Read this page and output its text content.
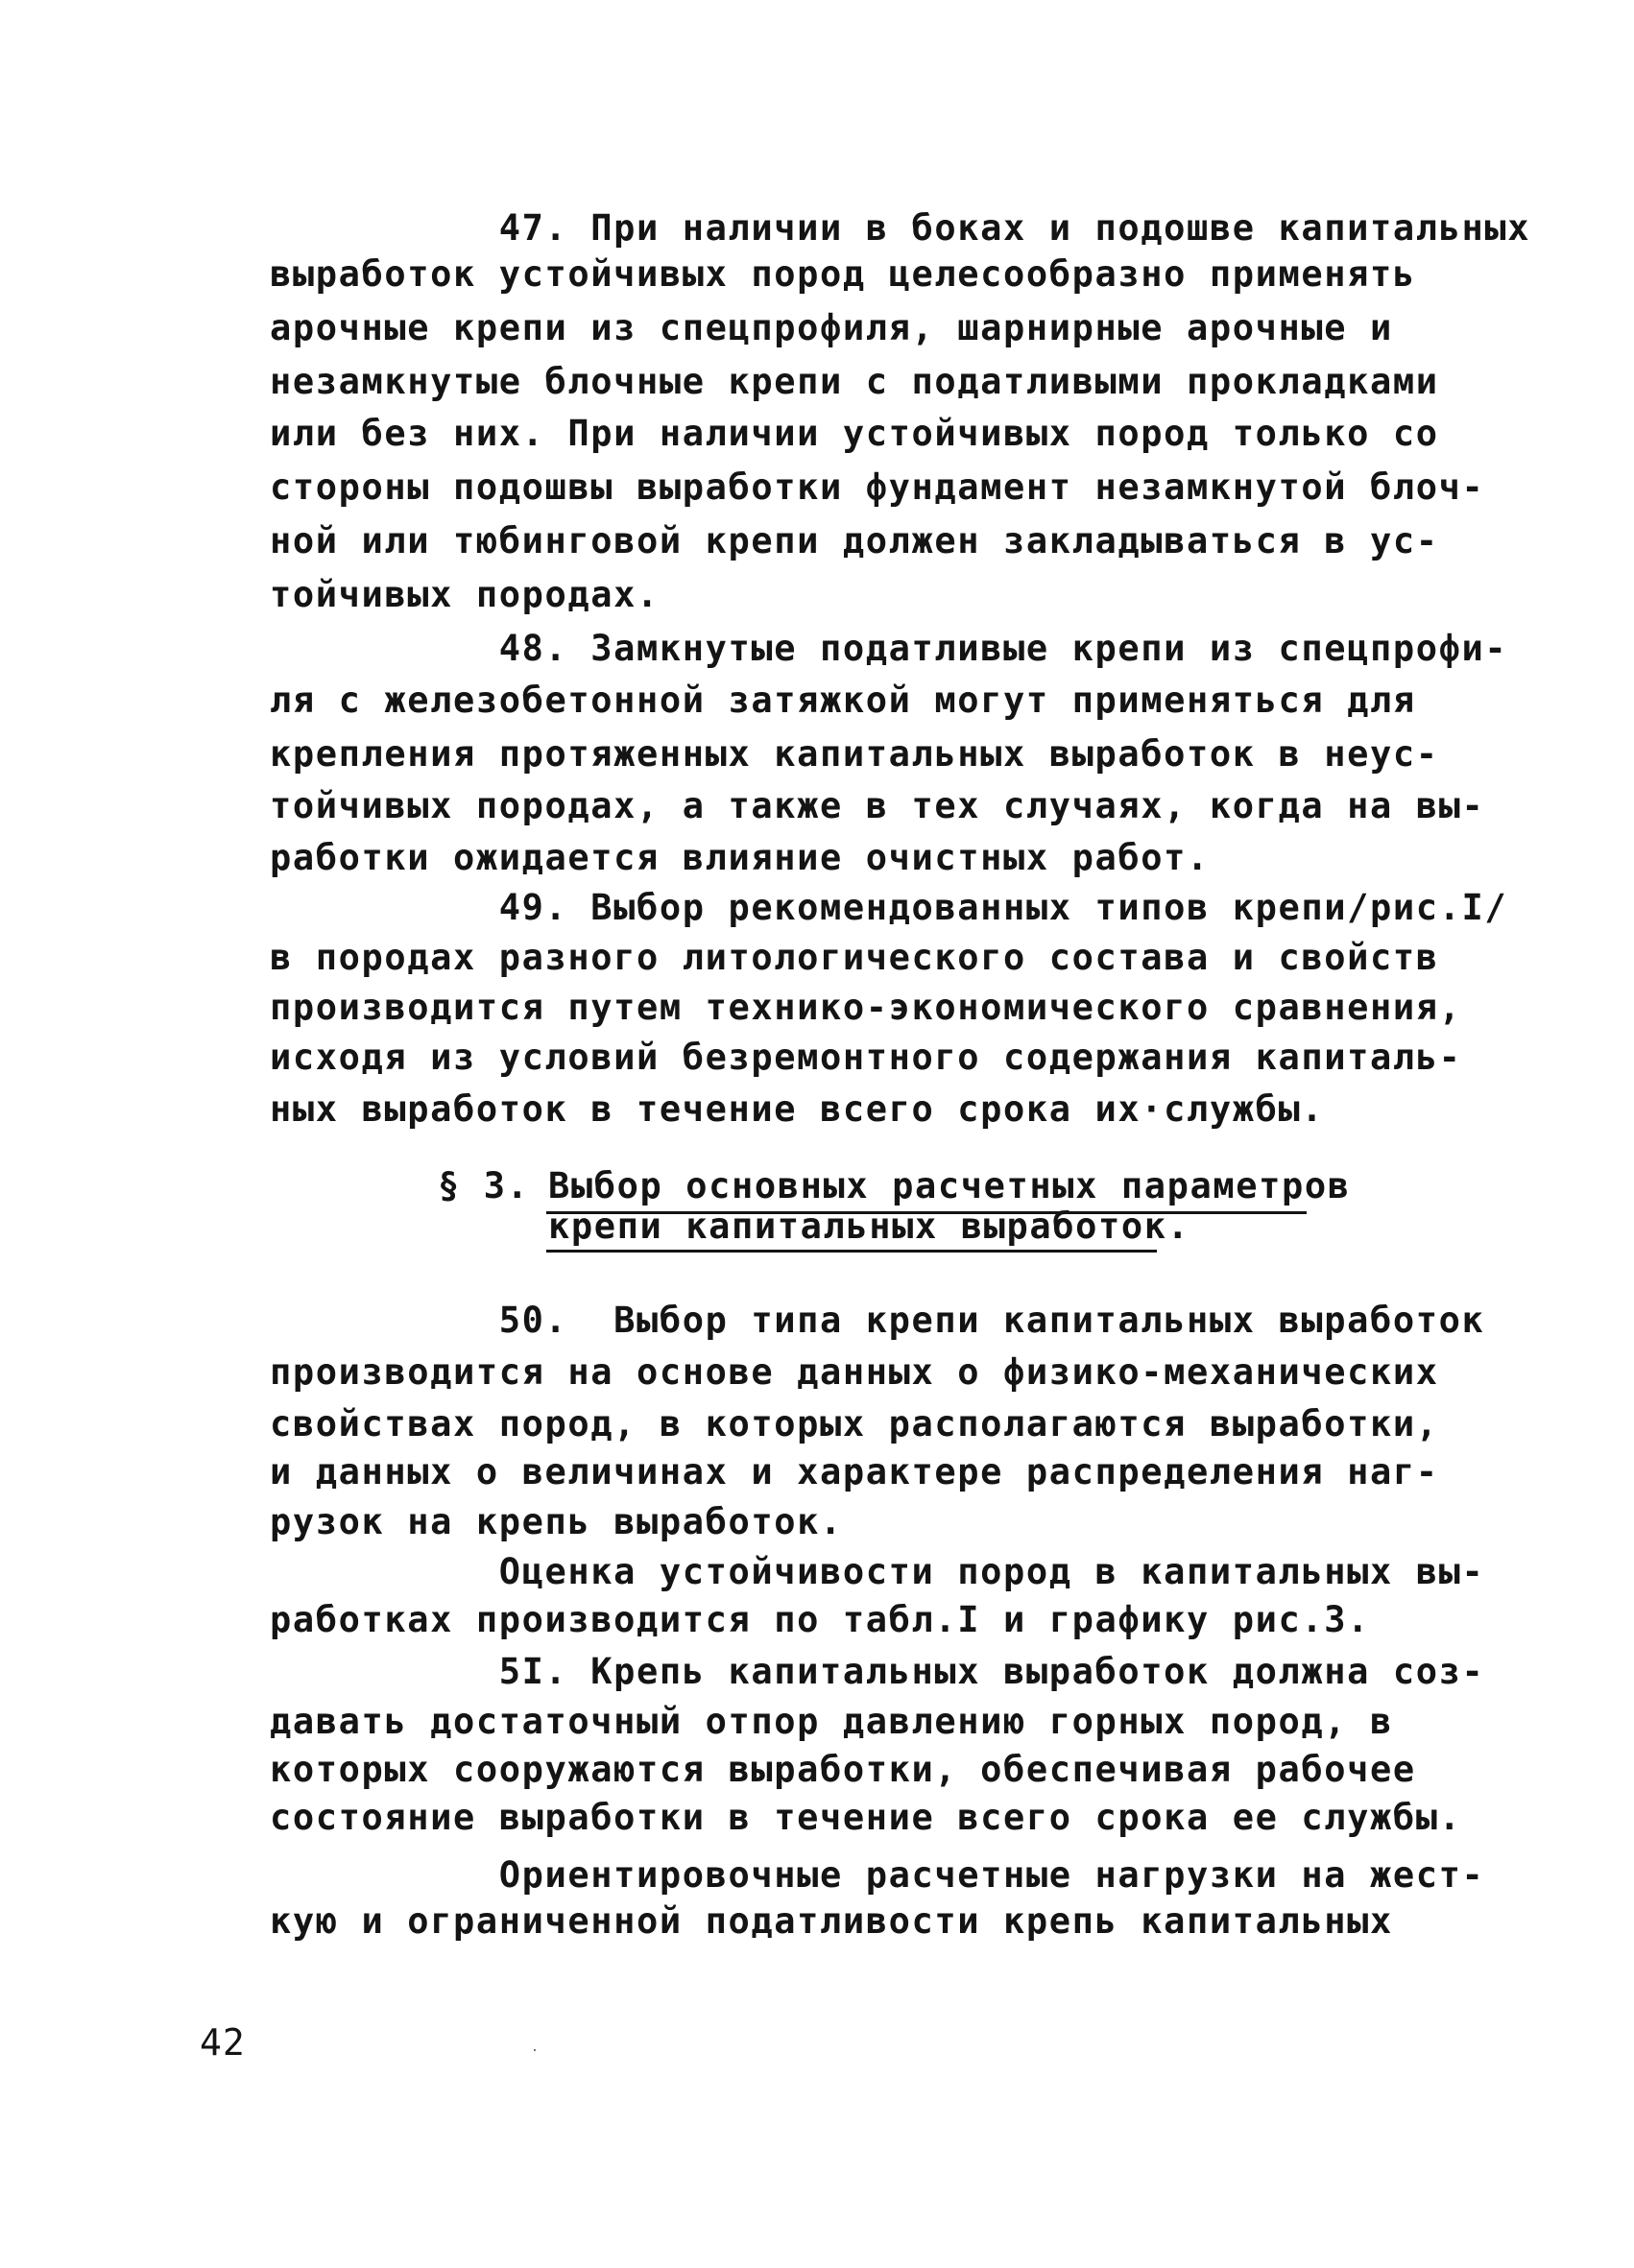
47. При наличии в боках и подошве капитальных
выработок устойчивых пород целесообразно применять
арочные крепи из спецпрофиля, шарнирные арочные и
незамкнутые блочные крепи с податливыми прокладками
или без них. При наличии устойчивых пород только со
стороны подошвы выработки фундамент незамкнутой блоч-
ной или тюбинговой крепи должен закладываться в ус-
тойчивых породах.
48. Замкнутые податливые крепи из спецпрофи-
ля с железобетонной затяжкой могут применяться для
крепления протяженных капитальных выработок в неус-
тойчивых породах, а также в тех случаях, когда на вы-
работки ожидается влияние очистных работ.
49. Выбор рекомендованных типов крепи/рис.I/
в породах разного литологического состава и свойств
производится путем технико-экономического сравнения,
исходя из условий безремонтного содержания капиталь-
ных выработок в течение всего срока их·службы.
§ 3. Выбор основных расчетных параметров
крепи капитальных выработок.
50.  Выбор типа крепи капитальных выработок
производится на основе данных о физико-механических
свойствах пород, в которых располагаются выработки,
и данных о величинах и характере распределения наг-
рузок на крепь выработок.
Оценка устойчивости пород в капитальных вы-
работках производится по табл.I и графику рис.3.
5I. Крепь капитальных выработок должна соз-
давать достаточный отпор давлению горных пород, в
которых сооружаются выработки, обеспечивая рабочее
состояние выработки в течение всего срока ее службы.
Ориентировочные расчетные нагрузки на жест-
кую и ограниченной податливости крепь капитальных
42
